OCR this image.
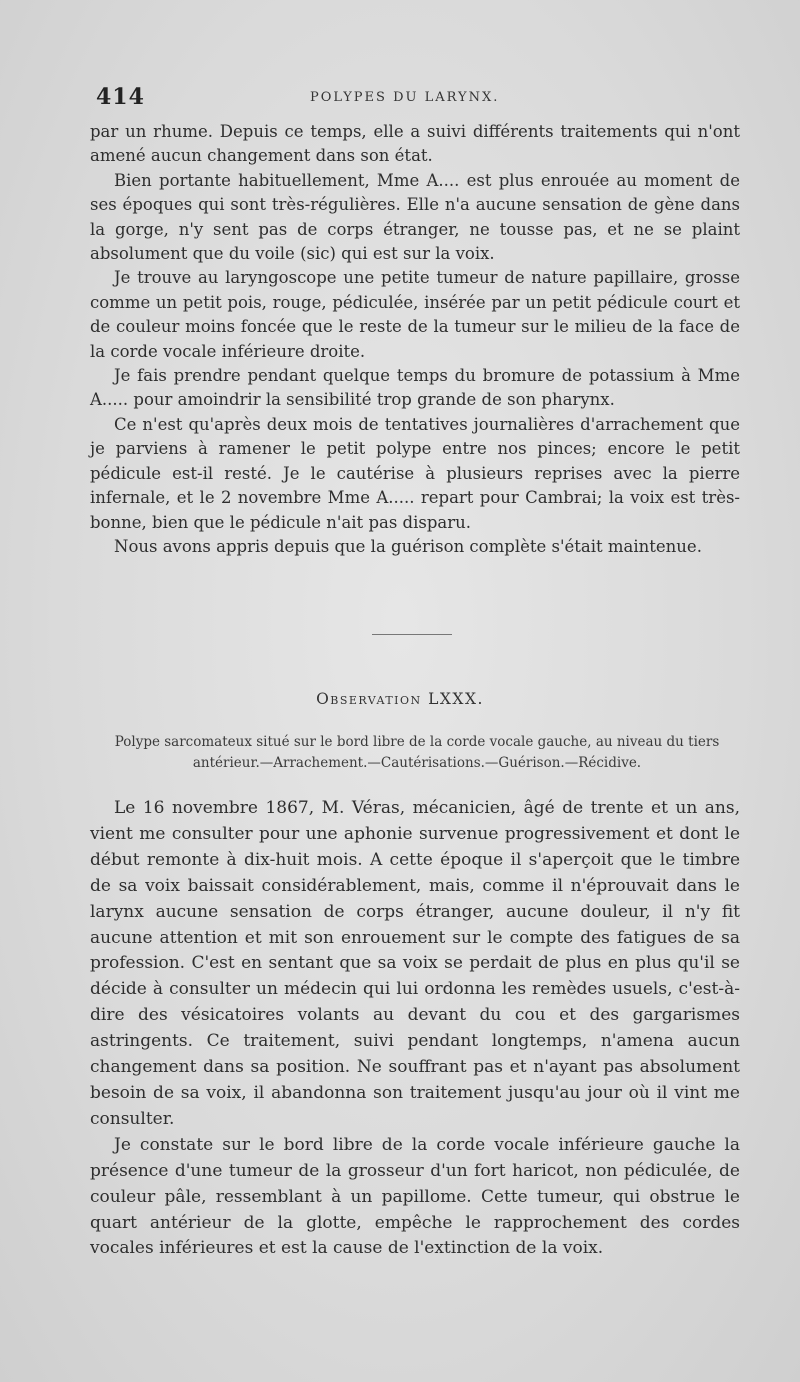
414	POLYPES DU LARYNX.

par un rhume. Depuis ce temps, elle a suivi différents traitements qui n'ont amené aucun changement dans son état.

Bien portante habituellement, Mme A.... est plus enrouée au moment de ses époques qui sont très-régulières. Elle n'a aucune sensation de gène dans la gorge, n'y sent pas de corps étranger, ne tousse pas, et ne se plaint absolument que du voile (sic) qui est sur la voix.

Je trouve au laryngoscope une petite tumeur de nature papillaire, grosse comme un petit pois, rouge, pédiculée, insérée par un petit pédicule court et de couleur moins foncée que le reste de la tumeur sur le milieu de la face de la corde vocale inférieure droite.

Je fais prendre pendant quelque temps du bromure de potassium à Mme A..... pour amoindrir la sensibilité trop grande de son pharynx.

Ce n'est qu'après deux mois de tentatives journalières d'arrachement que je parviens à ramener le petit polype entre nos pinces; encore le petit pédicule est-il resté. Je le cautérise à plusieurs reprises avec la pierre infernale, et le 2 novembre Mme A..... repart pour Cambrai; la voix est très-bonne, bien que le pédicule n'ait pas disparu.

Nous avons appris depuis que la guérison complète s'était maintenue.

Observation LXXX.
Polype sarcomateux situé sur le bord libre de la corde vocale gauche, au niveau du tiers antérieur.—Arrachement.—Cautérisations.—Guérison.—Récidive.

Le 16 novembre 1867, M. Véras, mécanicien, âgé de trente et un ans, vient me consulter pour une aphonie survenue progressivement et dont le début remonte à dix-huit mois. A cette époque il s'aperçoit que le timbre de sa voix baissait considérablement, mais, comme il n'éprouvait dans le larynx aucune sensation de corps étranger, aucune douleur, il n'y fit aucune attention et mit son enrouement sur le compte des fatigues de sa profession. C'est en sentant que sa voix se perdait de plus en plus qu'il se décide à consulter un médecin qui lui ordonna les remèdes usuels, c'est-à-dire des vésicatoires volants au devant du cou et des gargarismes astringents. Ce traitement, suivi pendant longtemps, n'amena aucun changement dans sa position. Ne souffrant pas et n'ayant pas absolument besoin de sa voix, il abandonna son traitement jusqu'au jour où il vint me consulter.

Je constate sur le bord libre de la corde vocale inférieure gauche la présence d'une tumeur de la grosseur d'un fort haricot, non pédiculée, de couleur pâle, ressemblant à un papillome. Cette tumeur, qui obstrue le quart antérieur de la glotte, empêche le rapprochement des cordes vocales inférieures et est la cause de l'extinction de la voix.
